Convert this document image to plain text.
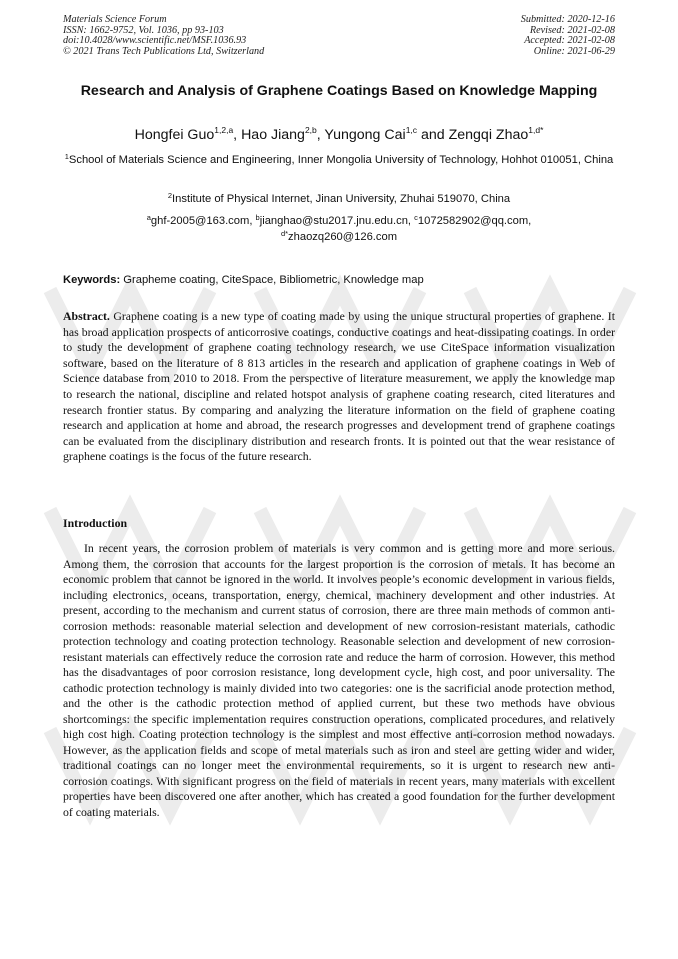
Materials Science Forum
ISSN: 1662-9752, Vol. 1036, pp 93-103
doi:10.4028/www.scientific.net/MSF.1036.93
© 2021 Trans Tech Publications Ltd, Switzerland
Submitted: 2020-12-16
Revised: 2021-02-08
Accepted: 2021-02-08
Online: 2021-06-29
Research and Analysis of Graphene Coatings Based on Knowledge Mapping
Hongfei Guo$^{1,2,a}$, Hao Jiang$^{2,b}$, Yungong Cai$^{1,c}$ and Zengqi Zhao$^{1,d*}$
$^1$School of Materials Science and Engineering, Inner Mongolia University of Technology, Hohhot 010051, China
$^2$Institute of Physical Internet, Jinan University, Zhuhai 519070, China
$^a$ghf-2005@163.com, $^b$jianghao@stu2017.jnu.edu.cn, $^c$1072582902@qq.com,
$^{d*}$zhaozq260@126.com
Keywords: Grapheme coating, CiteSpace, Bibliometric, Knowledge map
Abstract. Graphene coating is a new type of coating made by using the unique structural properties of graphene. It has broad application prospects of anticorrosive coatings, conductive coatings and heat-dissipating coatings. In order to study the development of graphene coating technology research, we use CiteSpace information visualization software, based on the literature of 8 813 articles in the research and application of graphene coatings in Web of Science database from 2010 to 2018. From the perspective of literature measurement, we apply the knowledge map to research the national, discipline and related hotspot analysis of graphene coating research, cited literatures and research frontier status. By comparing and analyzing the literature information on the field of graphene coating research and application at home and abroad, the research progresses and development trend of graphene coatings can be evaluated from the disciplinary distribution and research fronts. It is pointed out that the wear resistance of graphene coatings is the focus of the future research.
Introduction

In recent years, the corrosion problem of materials is very common and is getting more and more serious. Among them, the corrosion that accounts for the largest proportion is the corrosion of metals. It has become an economic problem that cannot be ignored in the world. It involves people’s economic development in various fields, including electronics, oceans, transportation, energy, chemical, machinery development and other industries. At present, according to the mechanism and current status of corrosion, there are three main methods of common anti-corrosion methods: reasonable material selection and development of new corrosion-resistant materials, cathodic protection technology and coating protection technology. Reasonable selection and development of new corrosion-resistant materials can effectively reduce the corrosion rate and reduce the harm of corrosion. However, this method has the disadvantages of poor corrosion resistance, long development cycle, high cost, and poor universality. The cathodic protection technology is mainly divided into two categories: one is the sacrificial anode protection method, and the other is the cathodic protection method of applied current, but these two methods have obvious shortcomings: the specific implementation requires construction operations, complicated procedures, and relatively high cost high. Coating protection technology is the simplest and most effective anti-corrosion method nowadays. However, as the application fields and scope of metal materials such as iron and steel are getting wider and wider, traditional coatings can no longer meet the environmental requirements, so it is urgent to research new anti-corrosion coatings. With significant progress on the field of materials in recent years, many materials with excellent properties have been discovered one after another, which has created a good foundation for the further development of coating materials.
